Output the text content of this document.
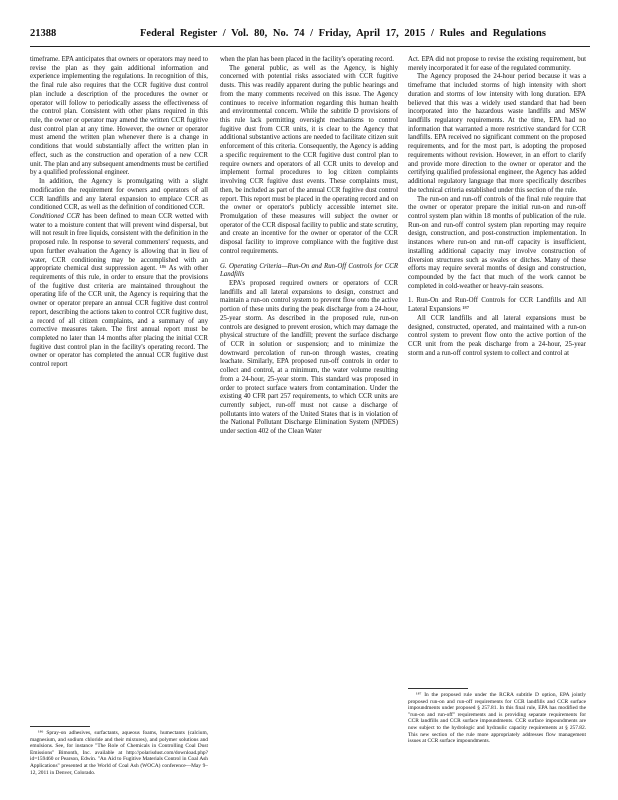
21388	Federal Register / Vol. 80, No. 74 / Friday, April 17, 2015 / Rules and Regulations

timeframe. EPA anticipates that owners or operators may need to revise the plan as they gain additional information and experience implementing the regulations. In recognition of this, the final rule also requires that the CCR fugitive dust control plan include a description of the procedures the owner or operator will follow to periodically assess the effectiveness of the control plan. Consistent with other plans required in this rule, the owner or operator may amend the written CCR fugitive dust control plan at any time. However, the owner or operator must amend the written plan whenever there is a change in conditions that would substantially affect the written plan in effect, such as the construction and operation of a new CCR unit. The plan and any subsequent amendments must be certified by a qualified professional engineer.

In addition, the Agency is promulgating with a slight modification the requirement for owners and operators of all CCR landfills and any lateral expansion to emplace CCR as conditioned CCR, as well as the definition of conditioned CCR.

Conditioned CCR has been defined to mean CCR wetted with water to a moisture content that will prevent wind dispersal, but will not result in free liquids, consistent with the definition in the proposed rule. In response to several commenters' requests, and upon further evaluation the Agency is allowing that in lieu of water, CCR conditioning may be accomplished with an appropriate chemical dust suppression agent. ¹⁸⁶ As with other requirements of this rule, in order to ensure that the provisions of the fugitive dust criteria are maintained throughout the operating life of the CCR unit, the Agency is requiring that the owner or operator prepare an annual CCR fugitive dust control report, describing the actions taken to control CCR fugitive dust, a record of all citizen complaints, and a summary of any corrective measures taken. The first annual report must be completed no later than 14 months after placing the initial CCR fugitive dust control plan in the facility's operating record. The owner or operator has completed the annual CCR fugitive dust control report

when the plan has been placed in the facility's operating record.

The general public, as well as the Agency, is highly concerned with potential risks associated with CCR fugitive dusts. This was readily apparent during the public hearings and from the many comments received on this issue. The Agency continues to receive information regarding this human health and environmental concern. While the subtitle D provisions of this rule lack permitting oversight mechanisms to control fugitive dust from CCR units, it is clear to the Agency that additional substantive actions are needed to facilitate citizen suit enforcement of this criteria. Consequently, the Agency is adding a specific requirement to the CCR fugitive dust control plan to require owners and operators of all CCR units to develop and implement formal procedures to log citizen complaints involving CCR fugitive dust events. These complaints must, then, be included as part of the annual CCR fugitive dust control report. This report must be placed in the operating record and on the owner or operator's publicly accessible internet site. Promulgation of these measures will subject the owner or operator of the CCR disposal facility to public and state scrutiny, and create an incentive for the owner or operator of the CCR disposal facility to improve compliance with the fugitive dust control requirements.

G. Operating Criteria—Run-On and Run-Off Controls for CCR Landfills

EPA's proposed required owners or operators of CCR landfills and all lateral expansions to design, construct and maintain a run-on control system to prevent flow onto the active portion of these units during the peak discharge from a 24-hour, 25-year storm. As described in the proposed rule, run-on controls are designed to prevent erosion, which may damage the physical structure of the landfill; prevent the surface discharge of CCR in solution or suspension; and to minimize the downward percolation of run-on through wastes, creating leachate. Similarly, EPA proposed run-off controls in order to collect and control, at a minimum, the water volume resulting from a 24-hour, 25-year storm. This standard was proposed in order to protect surface waters from contamination. Under the existing 40 CFR part 257 requirements, to which CCR units are currently subject, run-off must not cause a discharge of pollutants into waters of the United States that is in violation of the National Pollutant Discharge Elimination System (NPDES) under section 402 of the Clean Water

Act. EPA did not propose to revise the existing requirement, but merely incorporated it for ease of the regulated community.

The Agency proposed the 24-hour period because it was a timeframe that included storms of high intensity with short duration and storms of low intensity with long duration. EPA believed that this was a widely used standard that had been incorporated into the hazardous waste landfills and MSW landfills regulatory requirements. At the time, EPA had no information that warranted a more restrictive standard for CCR landfills. EPA received no significant comment on the proposed requirements, and for the most part, is adopting the proposed requirements without revision. However, in an effort to clarify and provide more direction to the owner or operator and the certifying qualified professional engineer, the Agency has added additional regulatory language that more specifically describes the technical criteria established under this section of the rule.

The run-on and run-off controls of the final rule require that the owner or operator prepare the initial run-on and run-off control system plan within 18 months of publication of the rule. Run-on and run-off control system plan reporting may require design, construction, and post-construction implementation. In instances where run-on and run-off capacity is insufficient, installing additional capacity may involve construction of diversion structures such as swales or ditches. Many of these efforts may require several months of design and construction, compounded by the fact that much of the work cannot be completed in cold-weather or heavy-rain seasons.

1. Run-On and Run-Off Controls for CCR Landfills and All Lateral Expansions ¹⁸⁷

All CCR landfills and all lateral expansions must be designed, constructed, operated, and maintained with a run-on control system to prevent flow onto the active portion of the CCR unit from the peak discharge from a 24-hour, 25-year storm and a run-off control system to collect and control at

¹⁸⁶ Spray-on adhesives, surfactants, aqueous foams, humectants (calcium, magnesium, and sodium chloride and their mixtures), and polymer solutions and emulsions. See, for instance "The Role of Chemicals in Controlling Coal Dust Emissions" Bimonth, Inc. available at http://polarisdust.com/download.php?id=159460 or Pearson, Edwin. "An Aid to Fugitive Materials Control in Coal Ash Applications" presented at the World of Coal Ash (WOCA) conference—May 9–12, 2011 in Denver, Colorado.

¹⁸⁷ In the proposed rule under the RCRA subtitle D option, EPA jointly proposed run-on and run-off requirements for CCR landfills and CCR surface impoundments under proposed § 257.81. In this final rule, EPA has modified the "run-on and run-off" requirements and is providing separate requirements for CCR landfills and CCR surface impoundments. CCR surface impoundments are now subject to the hydrologic and hydraulic capacity requirements at § 257.82. This new section of the rule more appropriately addresses flow management issues at CCR surface impoundments.
